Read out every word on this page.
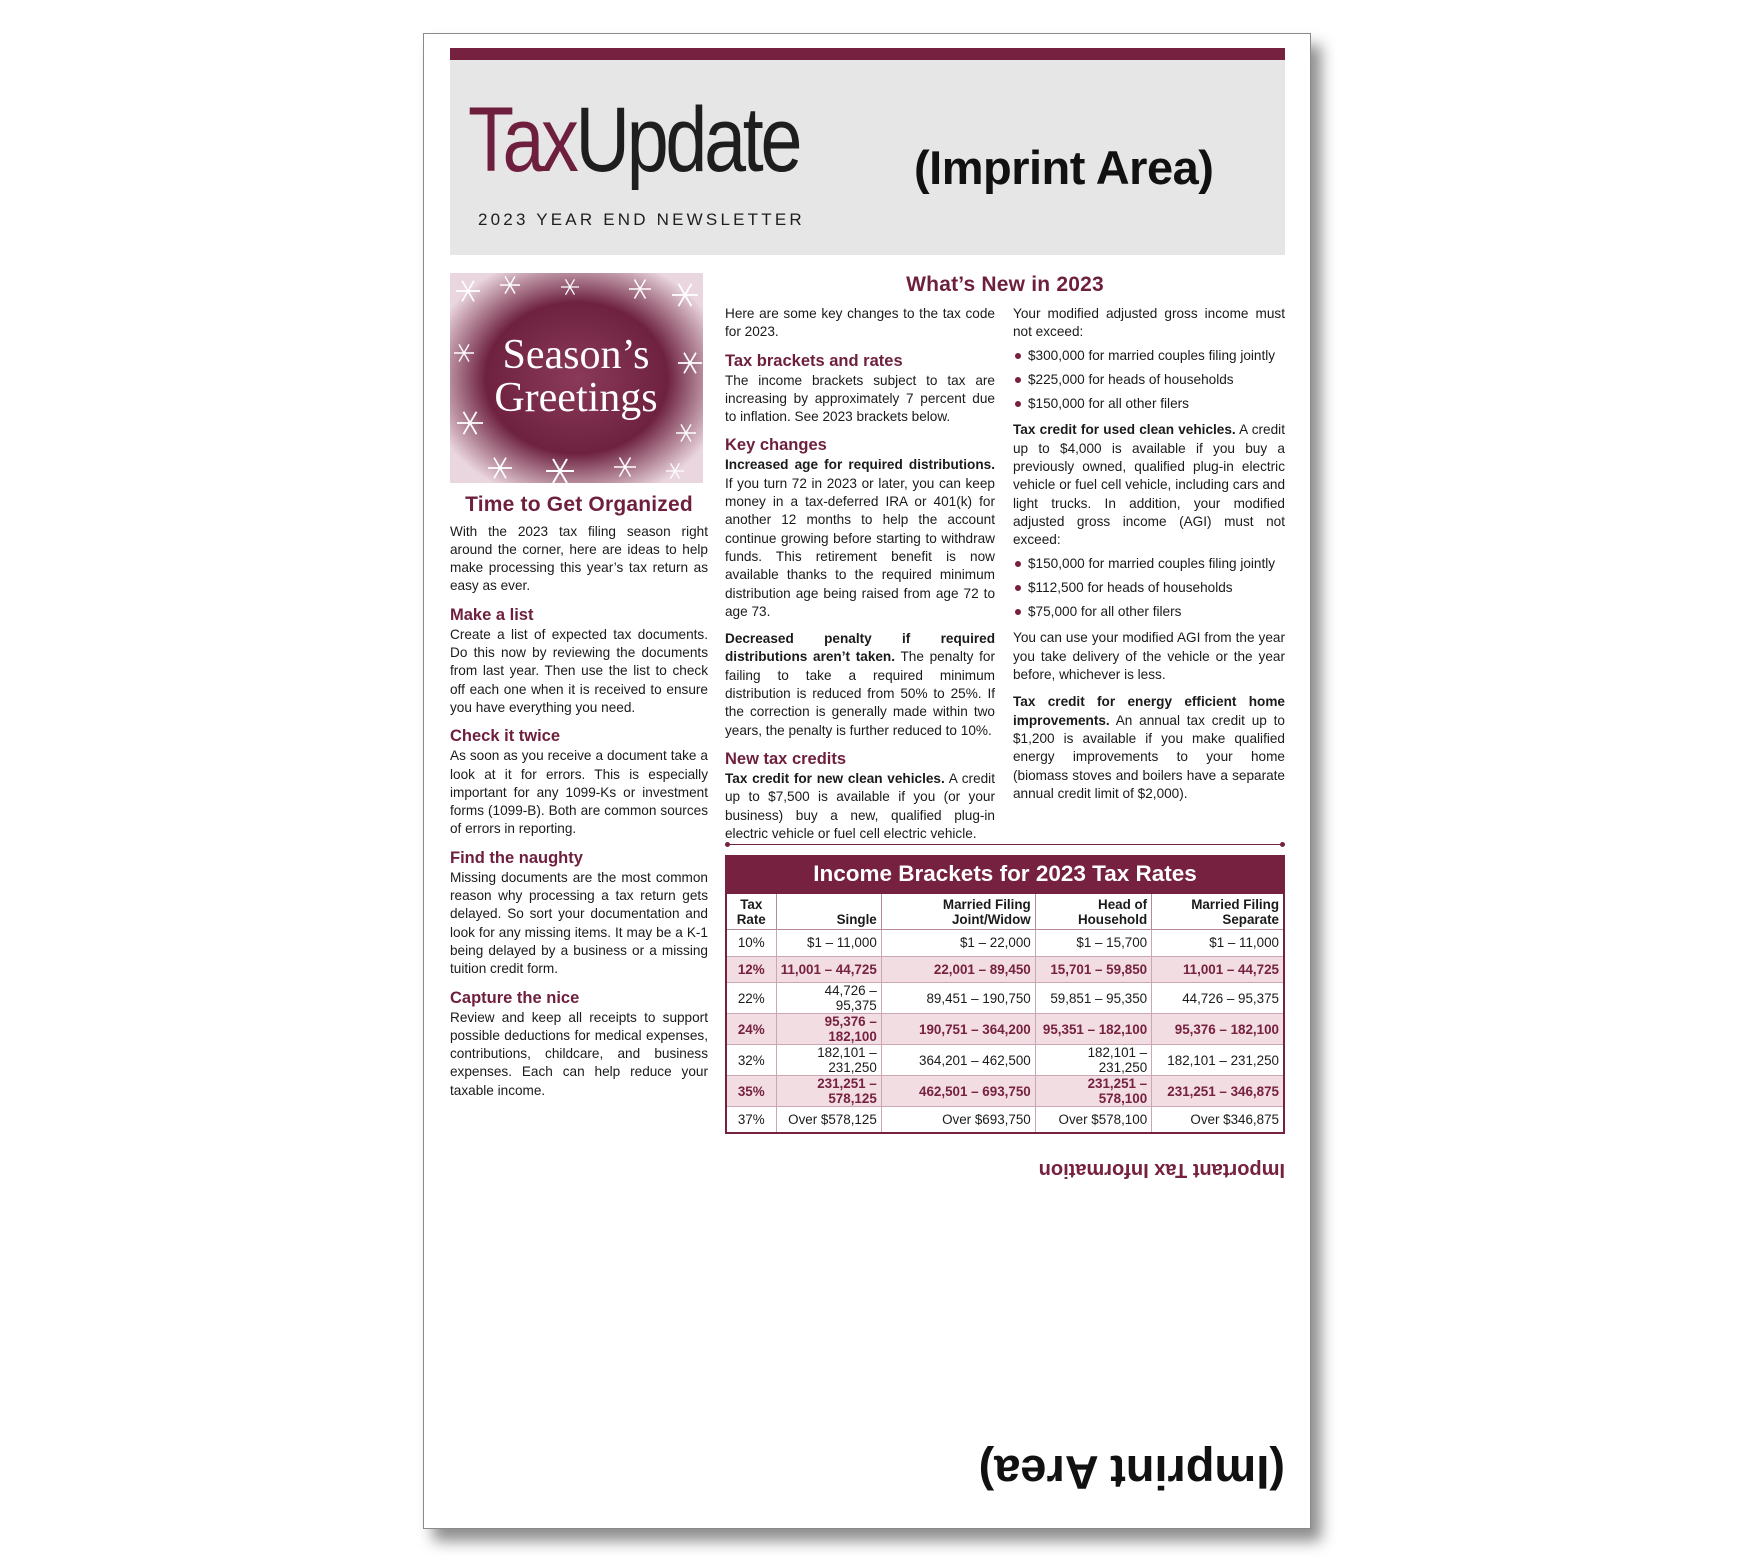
TaxUpdate
2023 YEAR END NEWSLETTER
(Imprint Area)
Season’s
Greetings
Time to Get Organized

With the 2023 tax filing season right around the corner, here are ideas to help make processing this year’s tax return as easy as ever.

Make a list

Create a list of expected tax documents. Do this now by reviewing the documents from last year. Then use the list to check off each one when it is received to ensure you have everything you need.

Check it twice

As soon as you receive a document take a look at it for errors. This is especially important for any 1099-Ks or investment forms (1099-B). Both are common sources of errors in reporting.

Find the naughty

Missing documents are the most common reason why processing a tax return gets delayed. So sort your documentation and look for any missing items. It may be a K-1 being delayed by a business or a missing tuition credit form.

Capture the nice

Review and keep all receipts to support possible deductions for medical expenses, contributions, childcare, and business expenses. Each can help reduce your taxable income.

What’s New in 2023

Here are some key changes to the tax code for 2023.

Tax brackets and rates

The income brackets subject to tax are increasing by approximately 7 percent due to inflation. See 2023 brackets below.

Key changes

Increased age for required distributions. If you turn 72 in 2023 or later, you can keep money in a tax-deferred IRA or 401(k) for another 12 months to help the account continue growing before starting to withdraw funds. This retirement benefit is now available thanks to the required minimum distribution age being raised from age 72 to age 73.

Decreased penalty if required distributions aren’t taken. The penalty for failing to take a required minimum distribution is reduced from 50% to 25%. If the correction is generally made within two years, the penalty is further reduced to 10%.

New tax credits

Tax credit for new clean vehicles. A credit up to $7,500 is available if you (or your business) buy a new, qualified plug-in electric vehicle or fuel cell electric vehicle.

Your modified adjusted gross income must not exceed:

$300,000 for married couples filing jointly
$225,000 for heads of households
$150,000 for all other filers

Tax credit for used clean vehicles. A credit up to $4,000 is available if you buy a previously owned, qualified plug-in electric vehicle or fuel cell vehicle, including cars and light trucks. In addition, your modified adjusted gross income (AGI) must not exceed:

$150,000 for married couples filing jointly
$112,500 for heads of households
$75,000 for all other filers

You can use your modified AGI from the year you take delivery of the vehicle or the year before, whichever is less.

Tax credit for energy efficient home improvements. An annual tax credit up to $1,200 is available if you make qualified energy improvements to your home (biomass stoves and boilers have a separate annual credit limit of $2,000).

Income Brackets for 2023 Tax Rates
Tax Rate	Single	Married Filing Joint/Widow	Head of Household	Married Filing Separate
10%	$1 – 11,000	$1 – 22,000	$1 – 15,700	$1 – 11,000
12%	11,001 – 44,725	22,001 – 89,450	15,701 – 59,850	11,001 – 44,725
22%	44,726 – 95,375	89,451 – 190,750	59,851 – 95,350	44,726 – 95,375
24%	95,376 – 182,100	190,751 – 364,200	95,351 – 182,100	95,376 – 182,100
32%	182,101 – 231,250	364,201 – 462,500	182,101 – 231,250	182,101 – 231,250
35%	231,251 – 578,125	462,501 – 693,750	231,251 – 578,100	231,251 – 346,875
37%	Over $578,125	Over $693,750	Over $578,100	Over $346,875
Important Tax Information
(Imprint Area)
